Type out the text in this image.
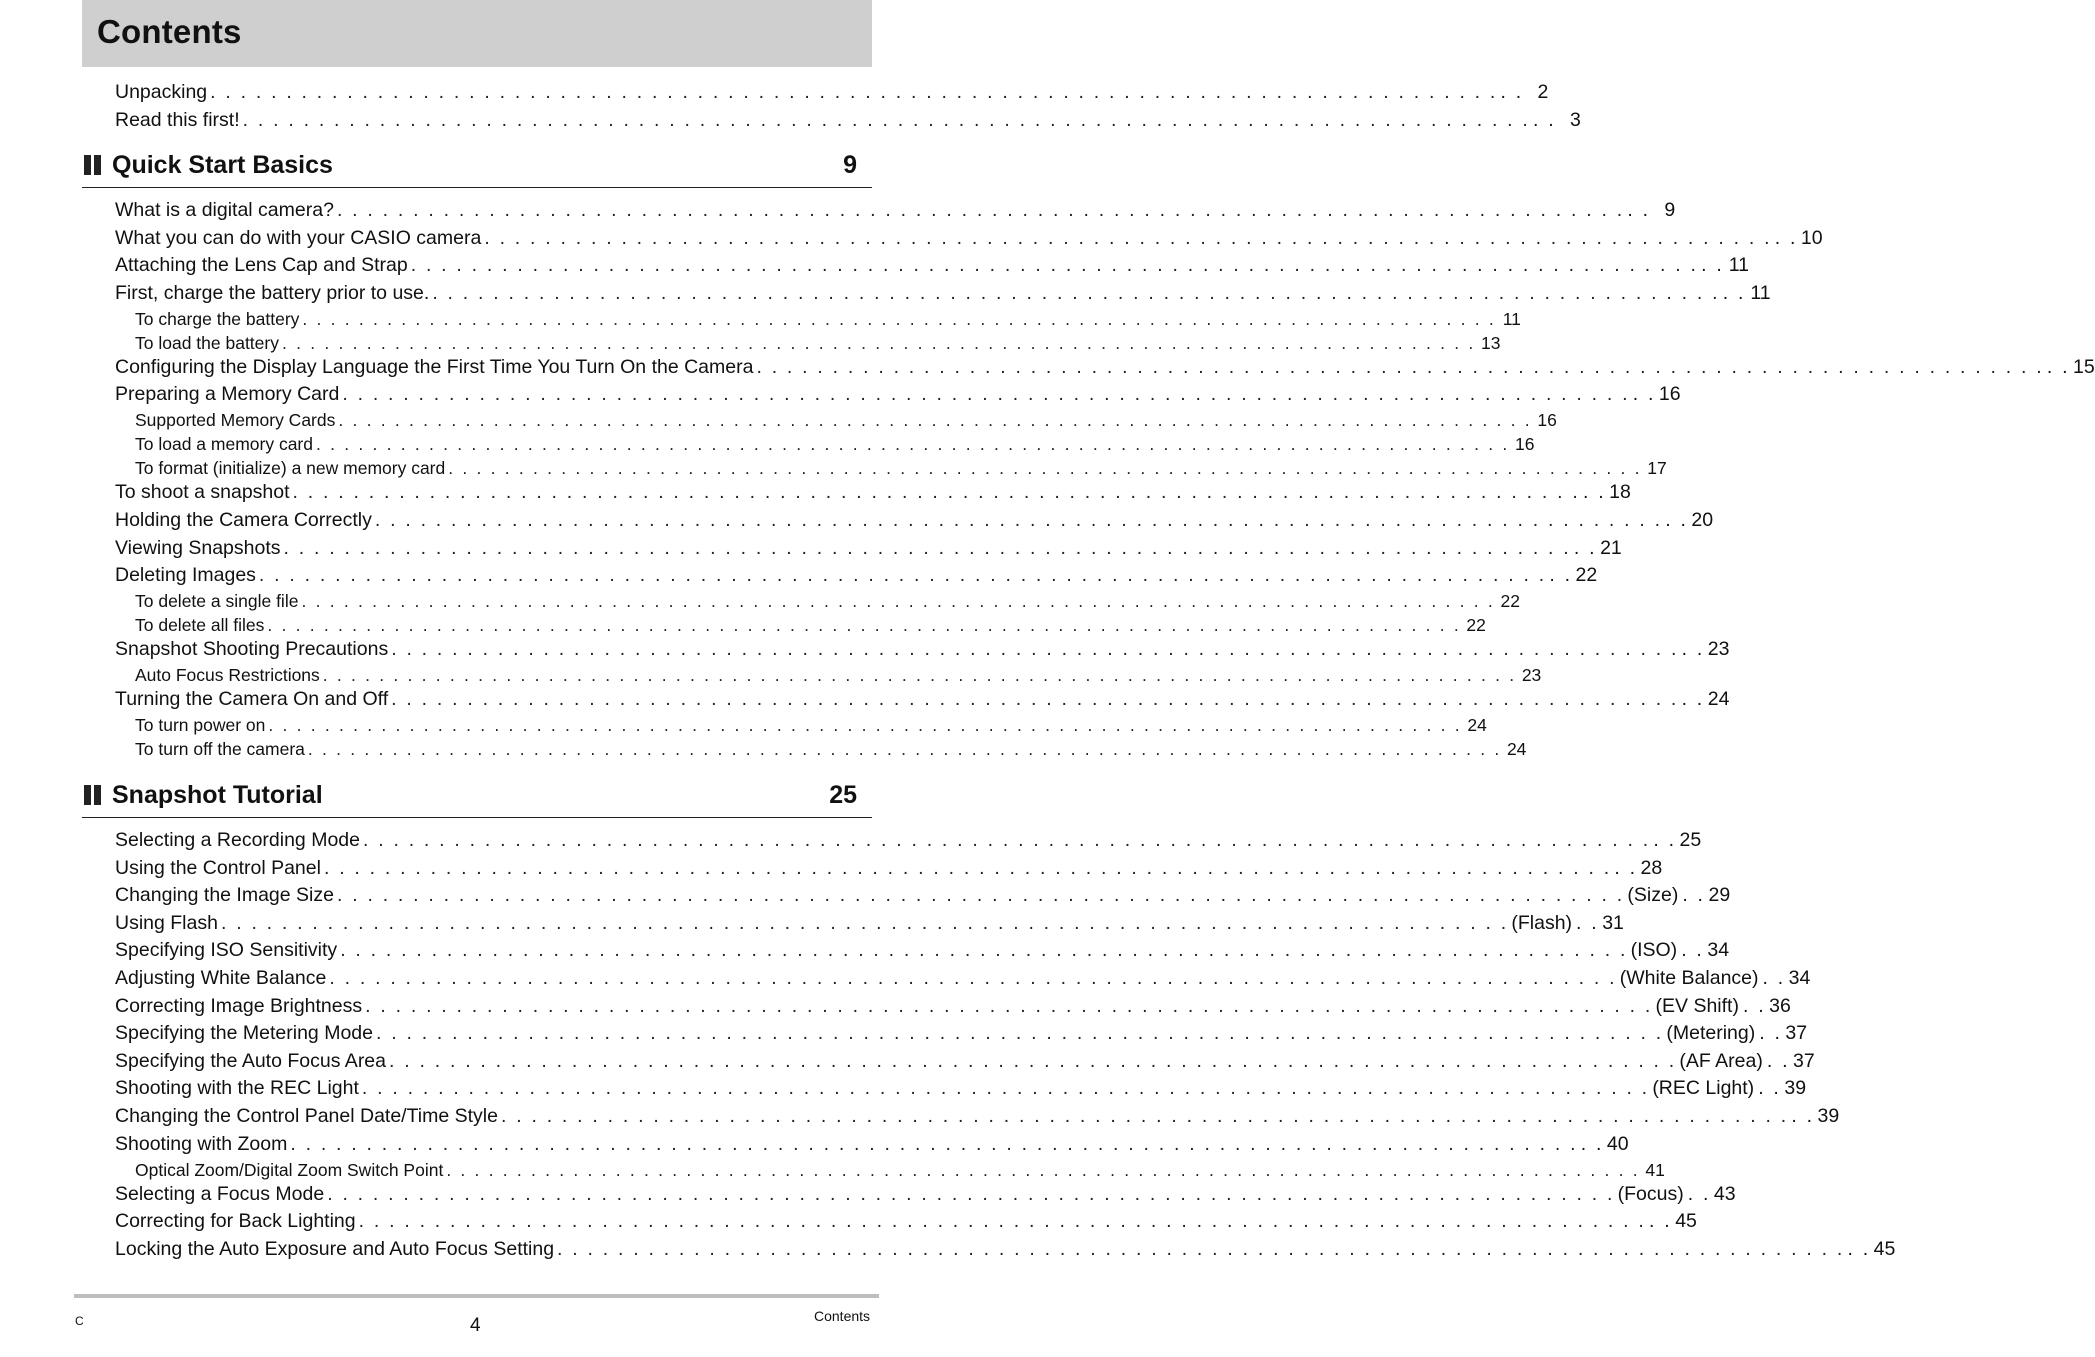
Contents
Unpacking . . . . . . . . . . . . . . . . . . . . . . . . . . . . . . . . . . . . . . . . . . . . . . . . . . . . . . . . . . . . . . . . . . . . . . . . . . . . . . . . . . . . . . . 2
Read this first! . . . . . . . . . . . . . . . . . . . . . . . . . . . . . . . . . . . . . . . . . . . . . . . . . . . . . . . . . . . . . . . . . . . . . . . . . . . . . . . . . . . . . . . 3
Quick Start Basics	9
What is a digital camera? . . . . . . . . . . . . . . . . . . . . . . . . . . . . . . . . . . . . . . . . . . . . . . . . . . . . . . . . . . . . . . . . . . . . . . . . . . . . . . . . . . . . . . . 9
What you can do with your CASIO camera . . . . . . . . . . . . . . . . . . . . . . . . . . . . . . . . . . . . . . . . . . . . . . . . . . . . . . . . . . . . . . . . . . . . . . . . . . . . . . . . . . . . . . . 10
Attaching the Lens Cap and Strap . . . . . . . . . . . . . . . . . . . . . . . . . . . . . . . . . . . . . . . . . . . . . . . . . . . . . . . . . . . . . . . . . . . . . . . . . . . . . . . . . . . . . . . 11
First, charge the battery prior to use. . . . . . . . . . . . . . . . . . . . . . . . . . . . . . . . . . . . . . . . . . . . . . . . . . . . . . . . . . . . . . . . . . . . . . . . . . . . . . . . . . . . . . . . 11
To charge the battery . . . . . . . . . . . . . . . . . . . . . . . . . . . . . . . . . . . . . . . . . . . . . . . . . . . . . . . . . . . . . . . . . . . . . . . . . . . . . . . . . . . . . 11
To load the battery . . . . . . . . . . . . . . . . . . . . . . . . . . . . . . . . . . . . . . . . . . . . . . . . . . . . . . . . . . . . . . . . . . . . . . . . . . . . . . . . . . . . . 13
Configuring the Display Language the First Time You Turn On the Camera . . . . . . . . . . . . . . . . . . . . . . . . . . . . . . . . . . . . . . . . . . . . . . . . . . . . . . . . . . . . . . . . . . . . . . . . . . . . . . . . . . . . . . . 15
Preparing a Memory Card . . . . . . . . . . . . . . . . . . . . . . . . . . . . . . . . . . . . . . . . . . . . . . . . . . . . . . . . . . . . . . . . . . . . . . . . . . . . . . . . . . . . . . . 16
Supported Memory Cards . . . . . . . . . . . . . . . . . . . . . . . . . . . . . . . . . . . . . . . . . . . . . . . . . . . . . . . . . . . . . . . . . . . . . . . . . . . . . . . . . . . . . 16
To load a memory card . . . . . . . . . . . . . . . . . . . . . . . . . . . . . . . . . . . . . . . . . . . . . . . . . . . . . . . . . . . . . . . . . . . . . . . . . . . . . . . . . . . . . 16
To format (initialize) a new memory card . . . . . . . . . . . . . . . . . . . . . . . . . . . . . . . . . . . . . . . . . . . . . . . . . . . . . . . . . . . . . . . . . . . . . . . . . . . . . . . . . . . . . 17
To shoot a snapshot . . . . . . . . . . . . . . . . . . . . . . . . . . . . . . . . . . . . . . . . . . . . . . . . . . . . . . . . . . . . . . . . . . . . . . . . . . . . . . . . . . . . . . . 18
Holding the Camera Correctly . . . . . . . . . . . . . . . . . . . . . . . . . . . . . . . . . . . . . . . . . . . . . . . . . . . . . . . . . . . . . . . . . . . . . . . . . . . . . . . . . . . . . . . 20
Viewing Snapshots . . . . . . . . . . . . . . . . . . . . . . . . . . . . . . . . . . . . . . . . . . . . . . . . . . . . . . . . . . . . . . . . . . . . . . . . . . . . . . . . . . . . . . . 21
Deleting Images . . . . . . . . . . . . . . . . . . . . . . . . . . . . . . . . . . . . . . . . . . . . . . . . . . . . . . . . . . . . . . . . . . . . . . . . . . . . . . . . . . . . . . . 22
To delete a single file . . . . . . . . . . . . . . . . . . . . . . . . . . . . . . . . . . . . . . . . . . . . . . . . . . . . . . . . . . . . . . . . . . . . . . . . . . . . . . . . . . . . . 22
To delete all files . . . . . . . . . . . . . . . . . . . . . . . . . . . . . . . . . . . . . . . . . . . . . . . . . . . . . . . . . . . . . . . . . . . . . . . . . . . . . . . . . . . . . 22
Snapshot Shooting Precautions . . . . . . . . . . . . . . . . . . . . . . . . . . . . . . . . . . . . . . . . . . . . . . . . . . . . . . . . . . . . . . . . . . . . . . . . . . . . . . . . . . . . . . . 23
Auto Focus Restrictions . . . . . . . . . . . . . . . . . . . . . . . . . . . . . . . . . . . . . . . . . . . . . . . . . . . . . . . . . . . . . . . . . . . . . . . . . . . . . . . . . . . . . 23
Turning the Camera On and Off . . . . . . . . . . . . . . . . . . . . . . . . . . . . . . . . . . . . . . . . . . . . . . . . . . . . . . . . . . . . . . . . . . . . . . . . . . . . . . . . . . . . . . . 24
To turn power on . . . . . . . . . . . . . . . . . . . . . . . . . . . . . . . . . . . . . . . . . . . . . . . . . . . . . . . . . . . . . . . . . . . . . . . . . . . . . . . . . . . . . 24
To turn off the camera . . . . . . . . . . . . . . . . . . . . . . . . . . . . . . . . . . . . . . . . . . . . . . . . . . . . . . . . . . . . . . . . . . . . . . . . . . . . . . . . . . . . . 24
Snapshot Tutorial	25
Selecting a Recording Mode . . . . . . . . . . . . . . . . . . . . . . . . . . . . . . . . . . . . . . . . . . . . . . . . . . . . . . . . . . . . . . . . . . . . . . . . . . . . . . . . . . . . . . . 25
Using the Control Panel . . . . . . . . . . . . . . . . . . . . . . . . . . . . . . . . . . . . . . . . . . . . . . . . . . . . . . . . . . . . . . . . . . . . . . . . . . . . . . . . . . . . . . . 28
Changing the Image Size . . . . . . . . . . . . . . . . . . . . . . . . . . . . . . . . . . . . . . . . . . . . . . . . . . . . . . . . . . . . . . . . . . . . . . . . . . . . . . . . . . . . . (Size) . . 29
Using Flash . . . . . . . . . . . . . . . . . . . . . . . . . . . . . . . . . . . . . . . . . . . . . . . . . . . . . . . . . . . . . . . . . . . . . . . . . . . . . . . . . . . . . (Flash) . . 31
Specifying ISO Sensitivity . . . . . . . . . . . . . . . . . . . . . . . . . . . . . . . . . . . . . . . . . . . . . . . . . . . . . . . . . . . . . . . . . . . . . . . . . . . . . . . . . . . . . (ISO) . . 34
Adjusting White Balance . . . . . . . . . . . . . . . . . . . . . . . . . . . . . . . . . . . . . . . . . . . . . . . . . . . . . . . . . . . . . . . . . . . . . . . . . . . . . . . . . . . . . (White Balance) . . 34
Correcting Image Brightness . . . . . . . . . . . . . . . . . . . . . . . . . . . . . . . . . . . . . . . . . . . . . . . . . . . . . . . . . . . . . . . . . . . . . . . . . . . . . . . . . . . . . (EV Shift) . . 36
Specifying the Metering Mode . . . . . . . . . . . . . . . . . . . . . . . . . . . . . . . . . . . . . . . . . . . . . . . . . . . . . . . . . . . . . . . . . . . . . . . . . . . . . . . . . . . . . (Metering) . . 37
Specifying the Auto Focus Area . . . . . . . . . . . . . . . . . . . . . . . . . . . . . . . . . . . . . . . . . . . . . . . . . . . . . . . . . . . . . . . . . . . . . . . . . . . . . . . . . . . . . (AF Area) . . 37
Shooting with the REC Light . . . . . . . . . . . . . . . . . . . . . . . . . . . . . . . . . . . . . . . . . . . . . . . . . . . . . . . . . . . . . . . . . . . . . . . . . . . . . . . . . . . . . (REC Light) . . 39
Changing the Control Panel Date/Time Style . . . . . . . . . . . . . . . . . . . . . . . . . . . . . . . . . . . . . . . . . . . . . . . . . . . . . . . . . . . . . . . . . . . . . . . . . . . . . . . . . . . . . . . 39
Shooting with Zoom . . . . . . . . . . . . . . . . . . . . . . . . . . . . . . . . . . . . . . . . . . . . . . . . . . . . . . . . . . . . . . . . . . . . . . . . . . . . . . . . . . . . . . . 40
Optical Zoom/Digital Zoom Switch Point . . . . . . . . . . . . . . . . . . . . . . . . . . . . . . . . . . . . . . . . . . . . . . . . . . . . . . . . . . . . . . . . . . . . . . . . . . . . . . . . . . . . . 41
Selecting a Focus Mode . . . . . . . . . . . . . . . . . . . . . . . . . . . . . . . . . . . . . . . . . . . . . . . . . . . . . . . . . . . . . . . . . . . . . . . . . . . . . . . . . . . . . (Focus) . . 43
Correcting for Back Lighting . . . . . . . . . . . . . . . . . . . . . . . . . . . . . . . . . . . . . . . . . . . . . . . . . . . . . . . . . . . . . . . . . . . . . . . . . . . . . . . . . . . . . . . 45
Locking the Auto Exposure and Auto Focus Setting . . . . . . . . . . . . . . . . . . . . . . . . . . . . . . . . . . . . . . . . . . . . . . . . . . . . . . . . . . . . . . . . . . . . . . . . . . . . . . . . . . . . . . . 45
C	4	Contents
